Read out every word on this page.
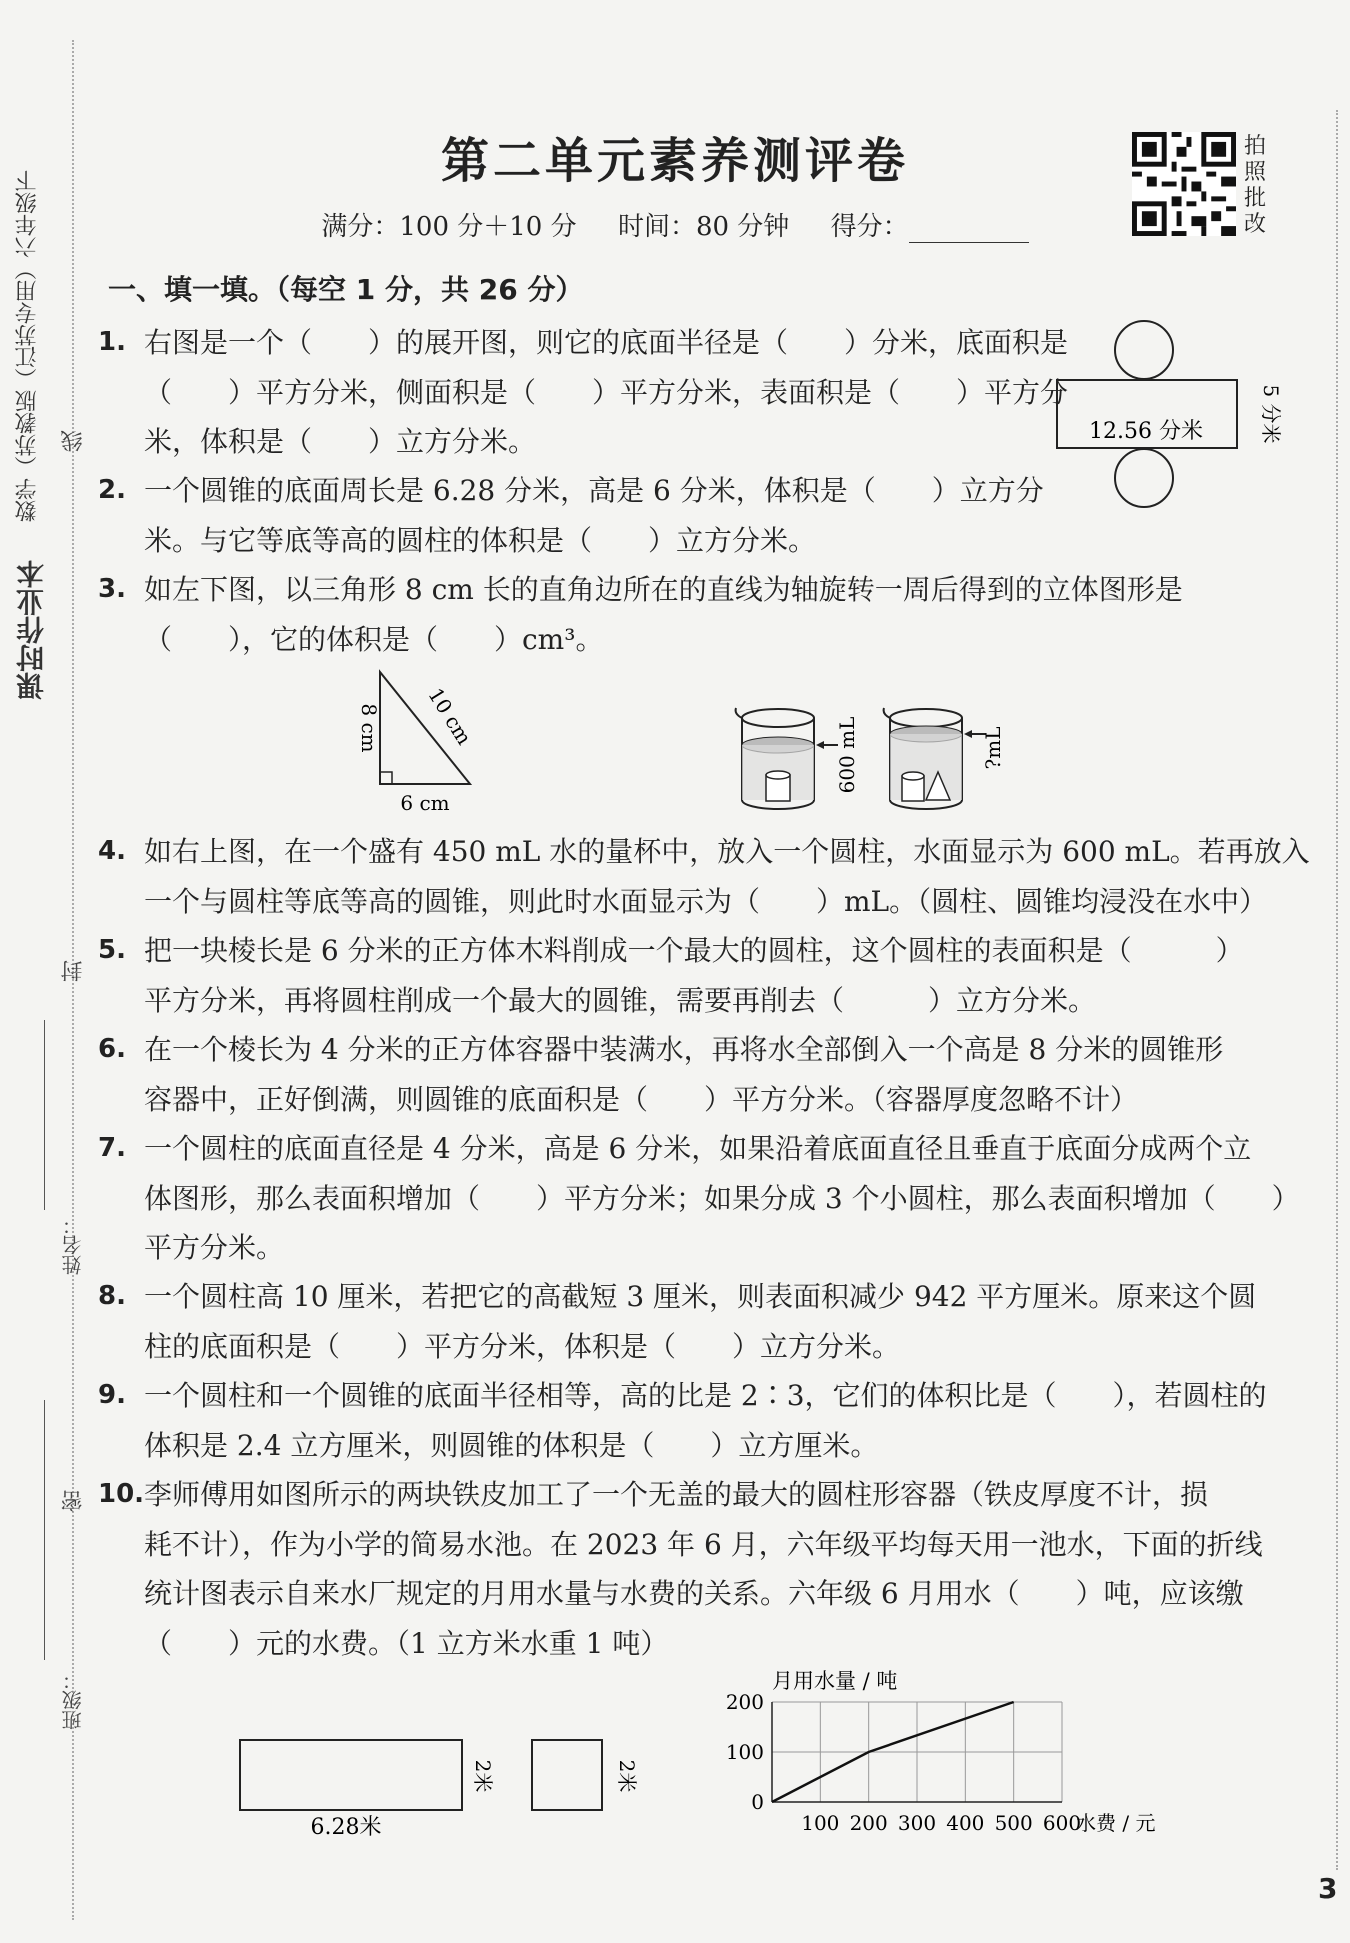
课时作业本
数学（苏教版（江苏专用）六年级下 线
封
姓名：
密
班级：
第二单元素养测评卷
满分：100 分＋10 分 时间：80 分钟 得分：
拍照批改
一、填一填。（每空 1 分，共 26 分）
1. 右图是一个（　　）的展开图，则它的底面半径是（　　）分米，底面积是
（　　）平方分米，侧面积是（　　）平方分米，表面积是（　　）平方分
米，体积是（　　）立方分米。
2. 一个圆锥的底面周长是 6.28 分米，高是 6 分米，体积是（　　）立方分
米。与它等底等高的圆柱的体积是（　　）立方分米。
3. 如左下图，以三角形 8 cm 长的直角边所在的直线为轴旋转一周后得到的立体图形是
（　　），它的体积是（　　）cm³。
4. 如右上图，在一个盛有 450 mL 水的量杯中，放入一个圆柱，水面显示为 600 mL。若再放入
一个与圆柱等底等高的圆锥，则此时水面显示为（　　）mL。（圆柱、圆锥均浸没在水中）
5. 把一块棱长是 6 分米的正方体木料削成一个最大的圆柱，这个圆柱的表面积是（　　　）
平方分米，再将圆柱削成一个最大的圆锥，需要再削去（　　　）立方分米。
6. 在一个棱长为 4 分米的正方体容器中装满水，再将水全部倒入一个高是 8 分米的圆锥形
容器中，正好倒满，则圆锥的底面积是（　　）平方分米。（容器厚度忽略不计）
7. 一个圆柱的底面直径是 4 分米，高是 6 分米，如果沿着底面直径且垂直于底面分成两个立
体图形，那么表面积增加（　　）平方分米；如果分成 3 个小圆柱，那么表面积增加（　　）
平方分米。
8. 一个圆柱高 10 厘米，若把它的高截短 3 厘米，则表面积减少 942 平方厘米。原来这个圆
柱的底面积是（　　）平方分米，体积是（　　）立方分米。
9. 一个圆柱和一个圆锥的底面半径相等，高的比是 2∶3，它们的体积比是（　　），若圆柱的
体积是 2.4 立方厘米，则圆锥的体积是（　　）立方厘米。
10. 李师傅用如图所示的两块铁皮加工了一个无盖的最大的圆柱形容器（铁皮厚度不计，损
耗不计），作为小学的简易水池。在 2023 年 6 月，六年级平均每天用一池水，下面的折线
统计图表示自来水厂规定的月用水量与水费的关系。六年级 6 月用水（　　）吨，应该缴
（　　）元的水费。（1 立方米水重 1 吨）
12.56 分米	5 分米
8 cm 10 cm
6 cm
600 mL	?mL
2米
6.28米
2米
月用水量 / 吨
0
100
200
100 200 300 400 500 600
水费 / 元
3
